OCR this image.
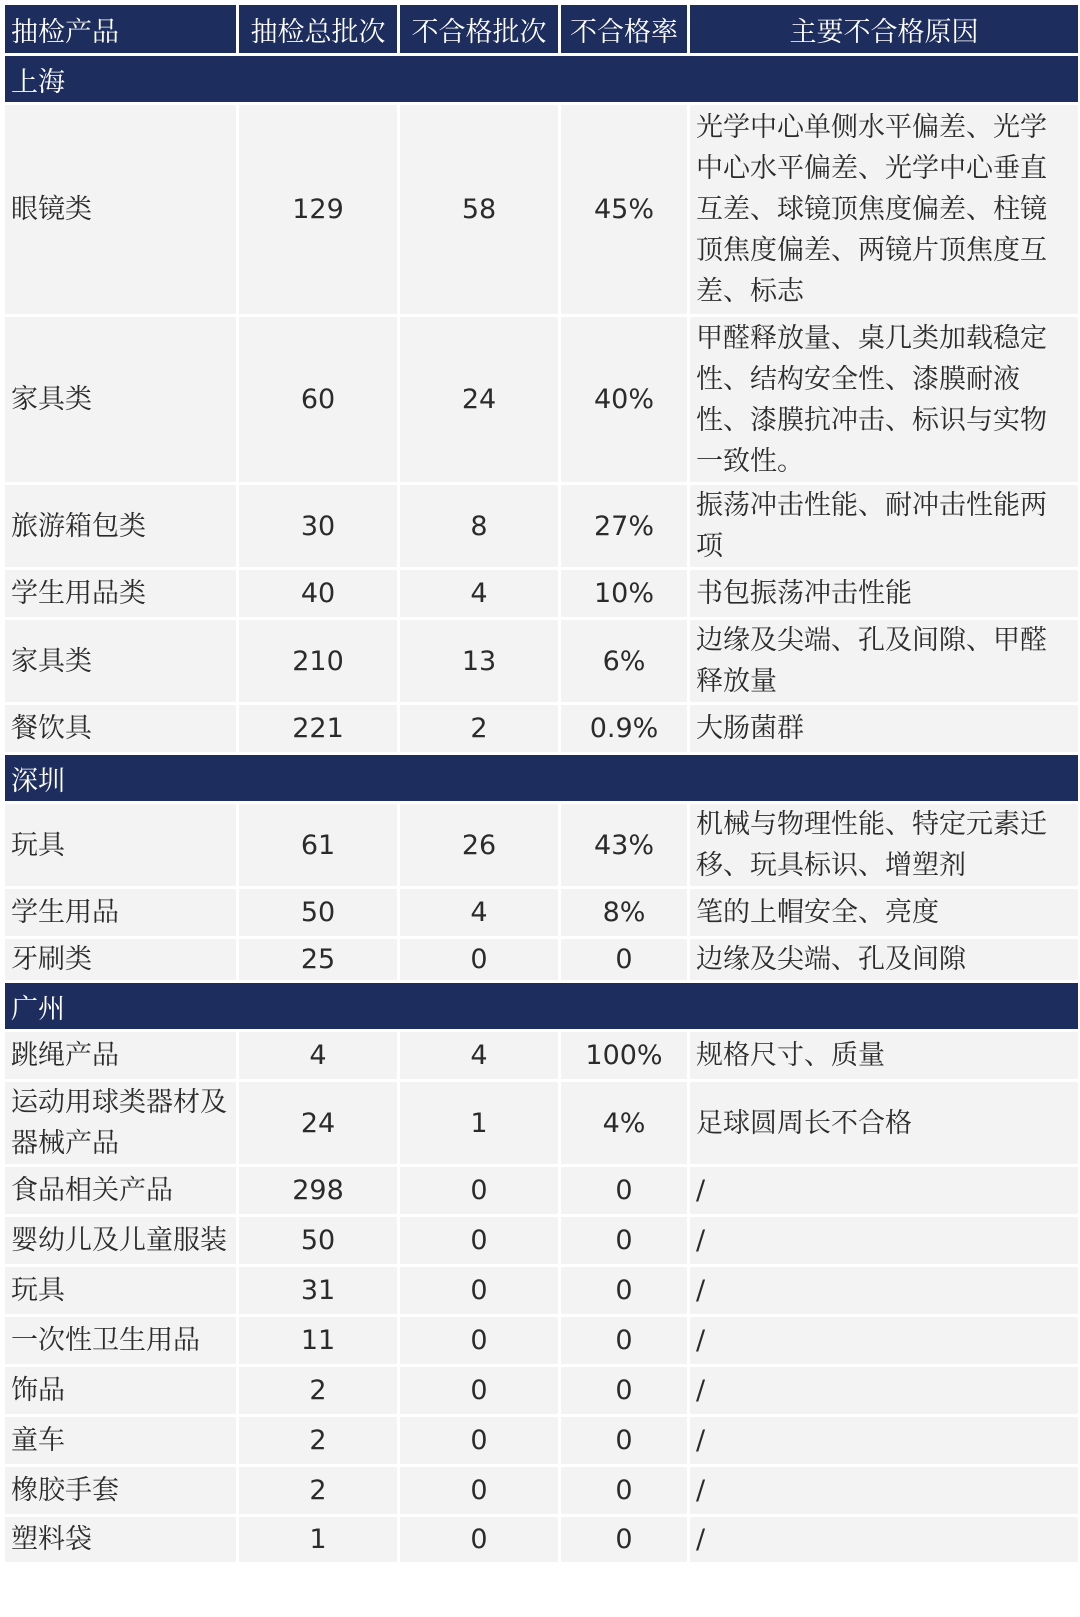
抽检产品	抽检总批次	不合格批次	不合格率	主要不合格原因
上海				
眼镜类	129	58	45%	光学中心单侧水平偏差、光学中心水平偏差、光学中心垂直互差、球镜顶焦度偏差、柱镜顶焦度偏差、两镜片顶焦度互差、标志
家具类	60	24	40%	甲醛释放量、桌几类加载稳定性、结构安全性、漆膜耐液性、漆膜抗冲击、标识与实物一致性。
旅游箱包类	30	8	27%	振荡冲击性能、耐冲击性能两项
学生用品类	40	4	10%	书包振荡冲击性能
家具类	210	13	6%	边缘及尖端、孔及间隙、甲醛释放量
餐饮具	221	2	0.9%	大肠菌群
深圳				
玩具	61	26	43%	机械与物理性能、特定元素迁移、玩具标识、增塑剂
学生用品	50	4	8%	笔的上帽安全、亮度
牙刷类	25	0	0	边缘及尖端、孔及间隙
广州				
跳绳产品	4	4	100%	规格尺寸、质量
运动用球类器材及器械产品	24	1	4%	足球圆周长不合格
食品相关产品	298	0	0	/
婴幼儿及儿童服装	50	0	0	/
玩具	31	0	0	/
一次性卫生用品	11	0	0	/
饰品	2	0	0	/
童车	2	0	0	/
橡胶手套	2	0	0	/
塑料袋	1	0	0	/
